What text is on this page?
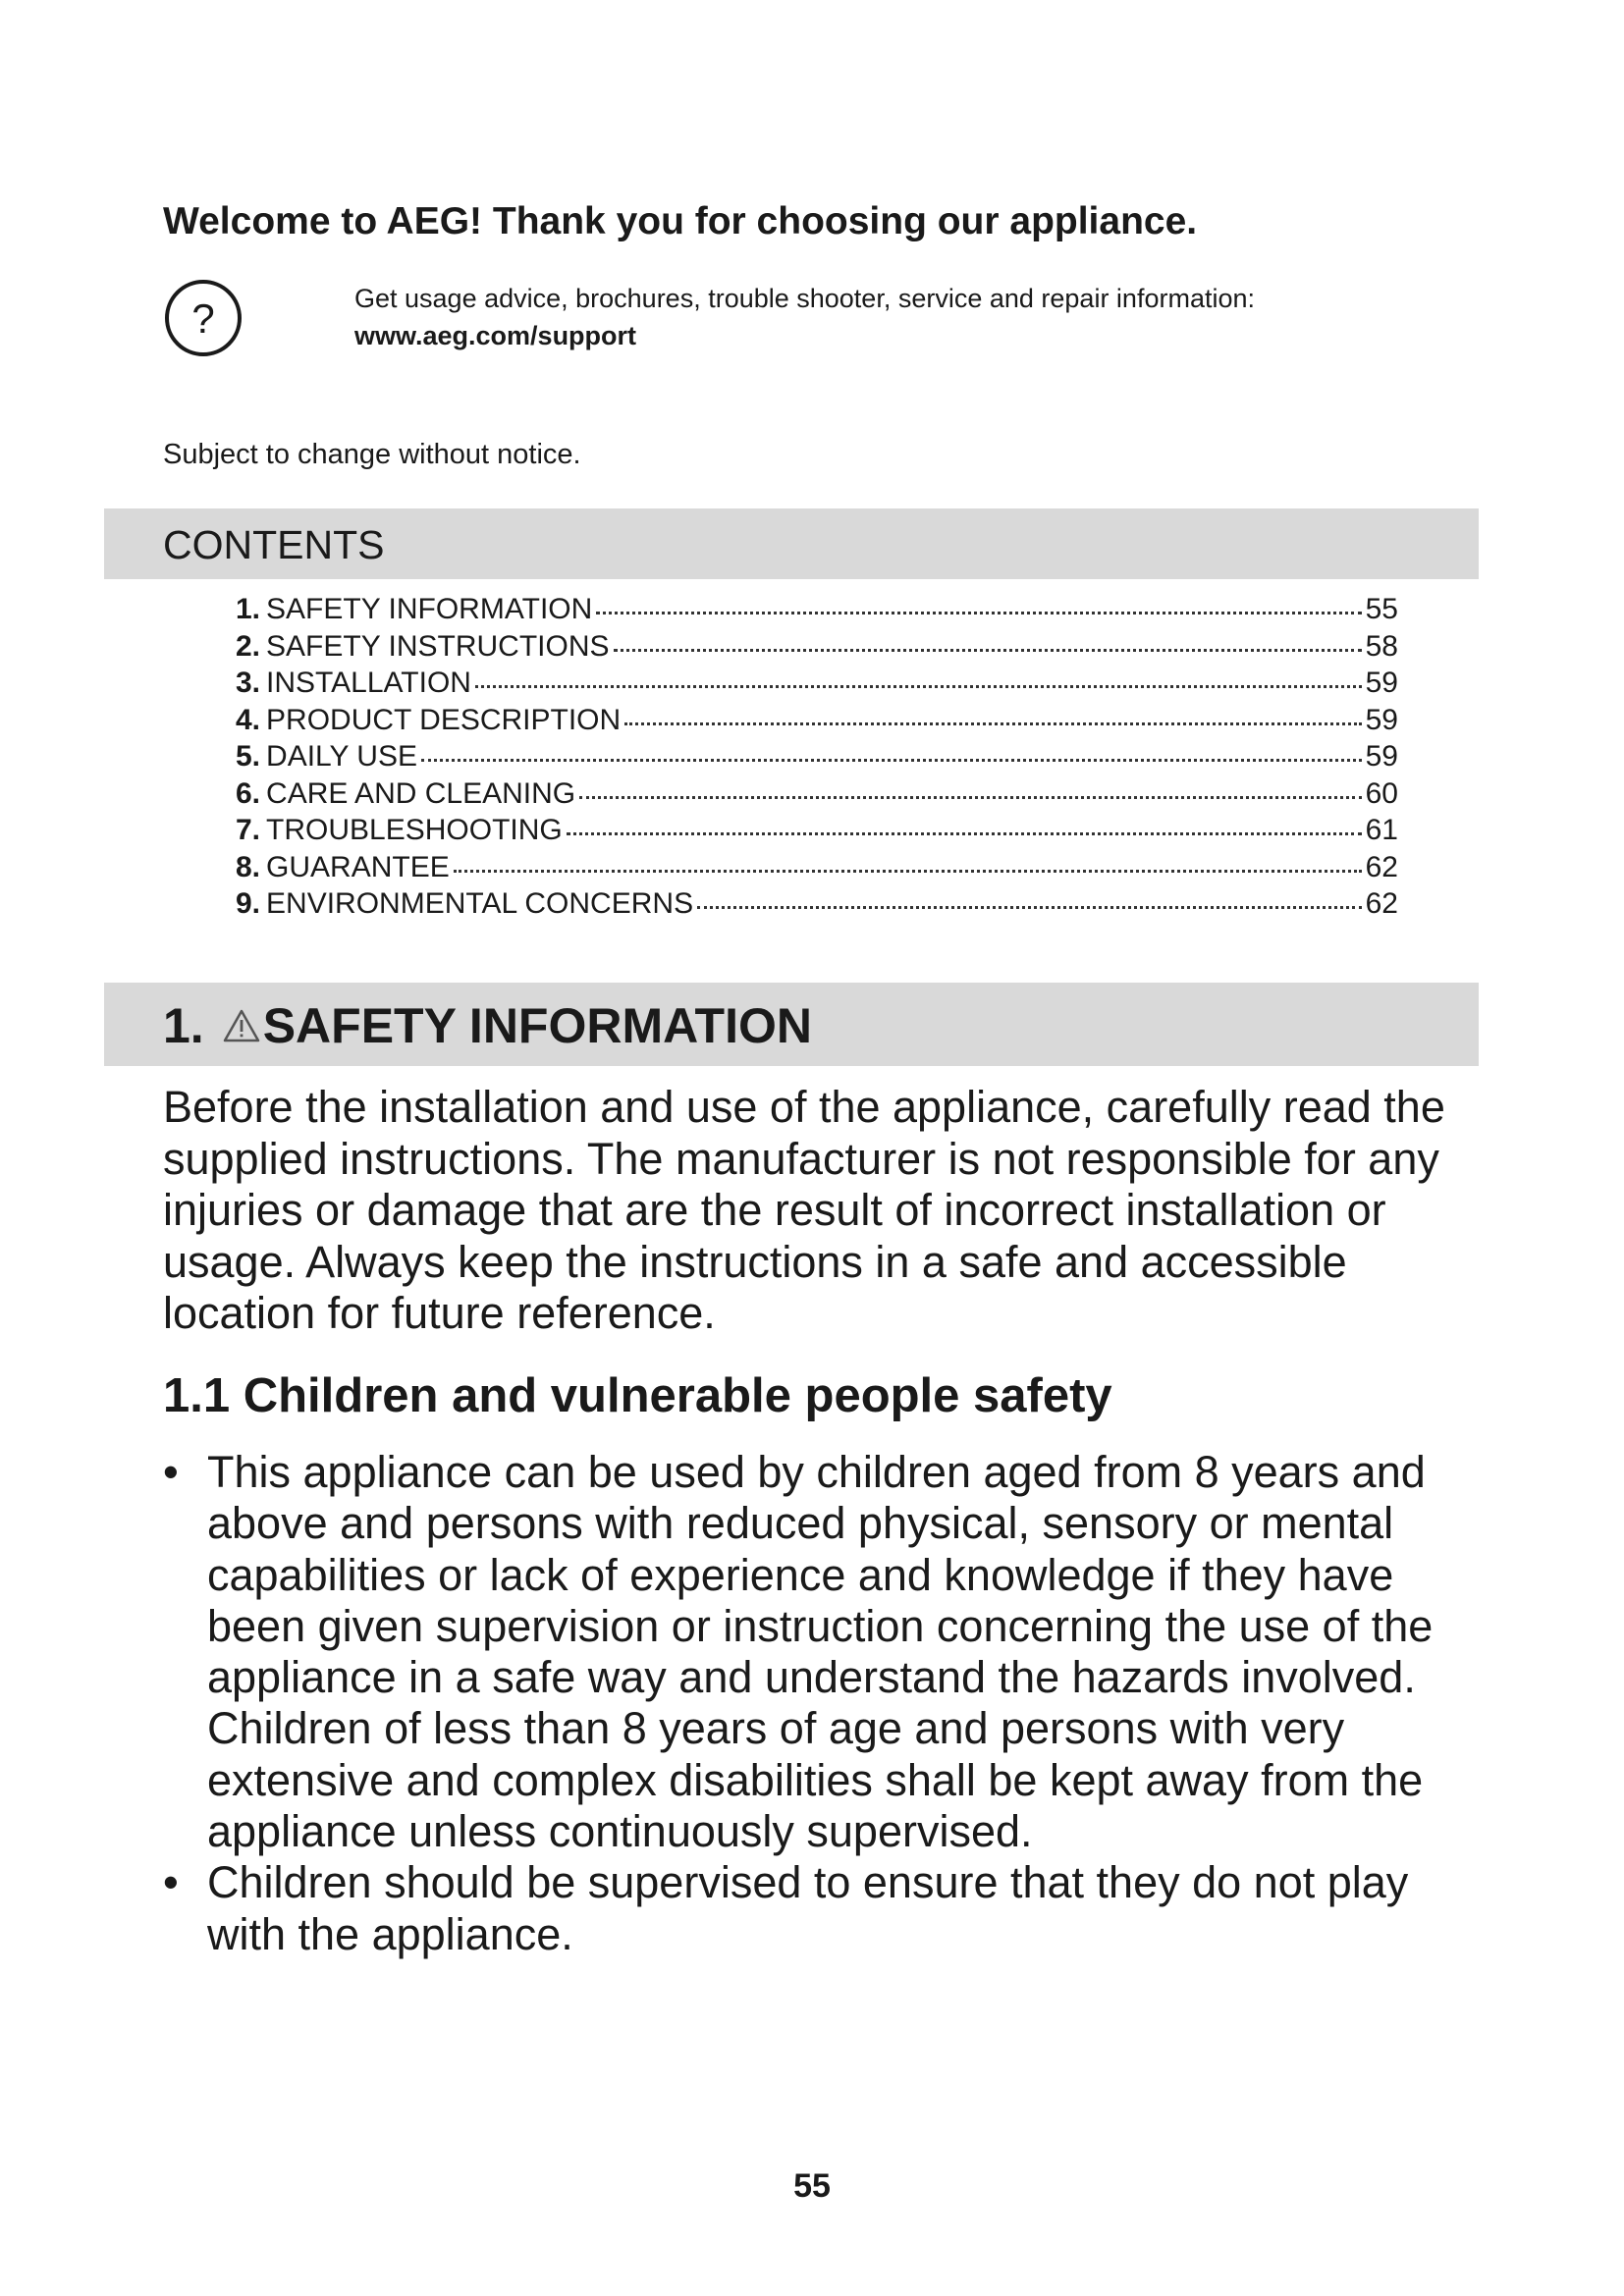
Welcome to AEG! Thank you for choosing our appliance.
?	Get usage advice, brochures, trouble shooter, service and repair information:
www.aeg.com/support
Subject to change without notice.
CONTENTS
1. SAFETY INFORMATION	55
2. SAFETY INSTRUCTIONS	58
3. INSTALLATION	59
4. PRODUCT DESCRIPTION	59
5. DAILY USE	59
6. CARE AND CLEANING	60
7. TROUBLESHOOTING	61
8. GUARANTEE	62
9. ENVIRONMENTAL CONCERNS	62
1. SAFETY INFORMATION

Before the installation and use of the appliance, carefully read the supplied instructions. The manufacturer is not responsible for any injuries or damage that are the result of incorrect installation or usage. Always keep the instructions in a safe and accessible location for future reference.

1.1 Children and vulnerable people safety
• This appliance can be used by children aged from 8 years and above and persons with reduced physical, sensory or mental capabilities or lack of experience and knowledge if they have been given supervision or instruction concerning the use of the appliance in a safe way and understand the hazards involved. Children of less than 8 years of age and persons with very extensive and complex disabilities shall be kept away from the appliance unless continuously supervised.
• Children should be supervised to ensure that they do not play with the appliance.
55
